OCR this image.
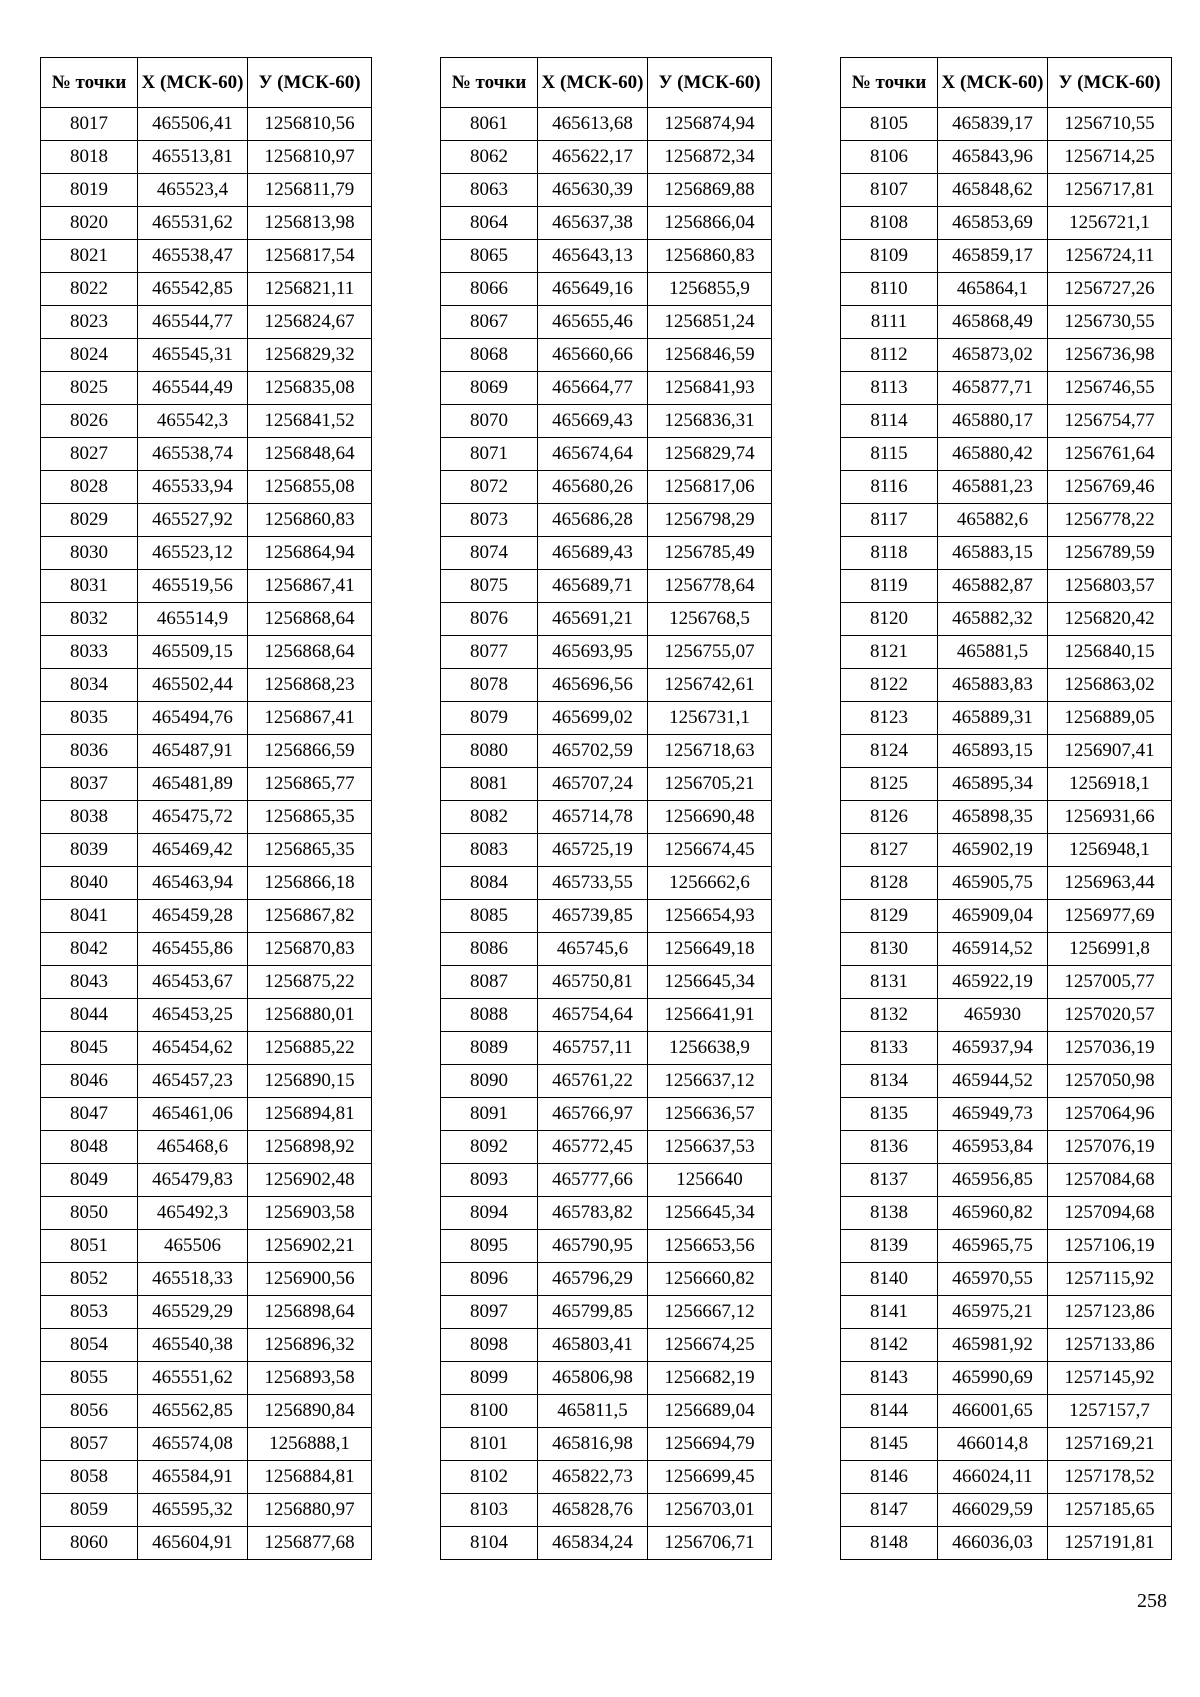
№ точки	Х (МСК-60)	У (МСК-60)
8017	465506,41	1256810,56
8018	465513,81	1256810,97
8019	465523,4	1256811,79
8020	465531,62	1256813,98
8021	465538,47	1256817,54
8022	465542,85	1256821,11
8023	465544,77	1256824,67
8024	465545,31	1256829,32
8025	465544,49	1256835,08
8026	465542,3	1256841,52
8027	465538,74	1256848,64
8028	465533,94	1256855,08
8029	465527,92	1256860,83
8030	465523,12	1256864,94
8031	465519,56	1256867,41
8032	465514,9	1256868,64
8033	465509,15	1256868,64
8034	465502,44	1256868,23
8035	465494,76	1256867,41
8036	465487,91	1256866,59
8037	465481,89	1256865,77
8038	465475,72	1256865,35
8039	465469,42	1256865,35
8040	465463,94	1256866,18
8041	465459,28	1256867,82
8042	465455,86	1256870,83
8043	465453,67	1256875,22
8044	465453,25	1256880,01
8045	465454,62	1256885,22
8046	465457,23	1256890,15
8047	465461,06	1256894,81
8048	465468,6	1256898,92
8049	465479,83	1256902,48
8050	465492,3	1256903,58
8051	465506	1256902,21
8052	465518,33	1256900,56
8053	465529,29	1256898,64
8054	465540,38	1256896,32
8055	465551,62	1256893,58
8056	465562,85	1256890,84
8057	465574,08	1256888,1
8058	465584,91	1256884,81
8059	465595,32	1256880,97
8060	465604,91	1256877,68
№ точки	Х (МСК-60)	У (МСК-60)
8061	465613,68	1256874,94
8062	465622,17	1256872,34
8063	465630,39	1256869,88
8064	465637,38	1256866,04
8065	465643,13	1256860,83
8066	465649,16	1256855,9
8067	465655,46	1256851,24
8068	465660,66	1256846,59
8069	465664,77	1256841,93
8070	465669,43	1256836,31
8071	465674,64	1256829,74
8072	465680,26	1256817,06
8073	465686,28	1256798,29
8074	465689,43	1256785,49
8075	465689,71	1256778,64
8076	465691,21	1256768,5
8077	465693,95	1256755,07
8078	465696,56	1256742,61
8079	465699,02	1256731,1
8080	465702,59	1256718,63
8081	465707,24	1256705,21
8082	465714,78	1256690,48
8083	465725,19	1256674,45
8084	465733,55	1256662,6
8085	465739,85	1256654,93
8086	465745,6	1256649,18
8087	465750,81	1256645,34
8088	465754,64	1256641,91
8089	465757,11	1256638,9
8090	465761,22	1256637,12
8091	465766,97	1256636,57
8092	465772,45	1256637,53
8093	465777,66	1256640
8094	465783,82	1256645,34
8095	465790,95	1256653,56
8096	465796,29	1256660,82
8097	465799,85	1256667,12
8098	465803,41	1256674,25
8099	465806,98	1256682,19
8100	465811,5	1256689,04
8101	465816,98	1256694,79
8102	465822,73	1256699,45
8103	465828,76	1256703,01
8104	465834,24	1256706,71
№ точки	Х (МСК-60)	У (МСК-60)
8105	465839,17	1256710,55
8106	465843,96	1256714,25
8107	465848,62	1256717,81
8108	465853,69	1256721,1
8109	465859,17	1256724,11
8110	465864,1	1256727,26
8111	465868,49	1256730,55
8112	465873,02	1256736,98
8113	465877,71	1256746,55
8114	465880,17	1256754,77
8115	465880,42	1256761,64
8116	465881,23	1256769,46
8117	465882,6	1256778,22
8118	465883,15	1256789,59
8119	465882,87	1256803,57
8120	465882,32	1256820,42
8121	465881,5	1256840,15
8122	465883,83	1256863,02
8123	465889,31	1256889,05
8124	465893,15	1256907,41
8125	465895,34	1256918,1
8126	465898,35	1256931,66
8127	465902,19	1256948,1
8128	465905,75	1256963,44
8129	465909,04	1256977,69
8130	465914,52	1256991,8
8131	465922,19	1257005,77
8132	465930	1257020,57
8133	465937,94	1257036,19
8134	465944,52	1257050,98
8135	465949,73	1257064,96
8136	465953,84	1257076,19
8137	465956,85	1257084,68
8138	465960,82	1257094,68
8139	465965,75	1257106,19
8140	465970,55	1257115,92
8141	465975,21	1257123,86
8142	465981,92	1257133,86
8143	465990,69	1257145,92
8144	466001,65	1257157,7
8145	466014,8	1257169,21
8146	466024,11	1257178,52
8147	466029,59	1257185,65
8148	466036,03	1257191,81
258
